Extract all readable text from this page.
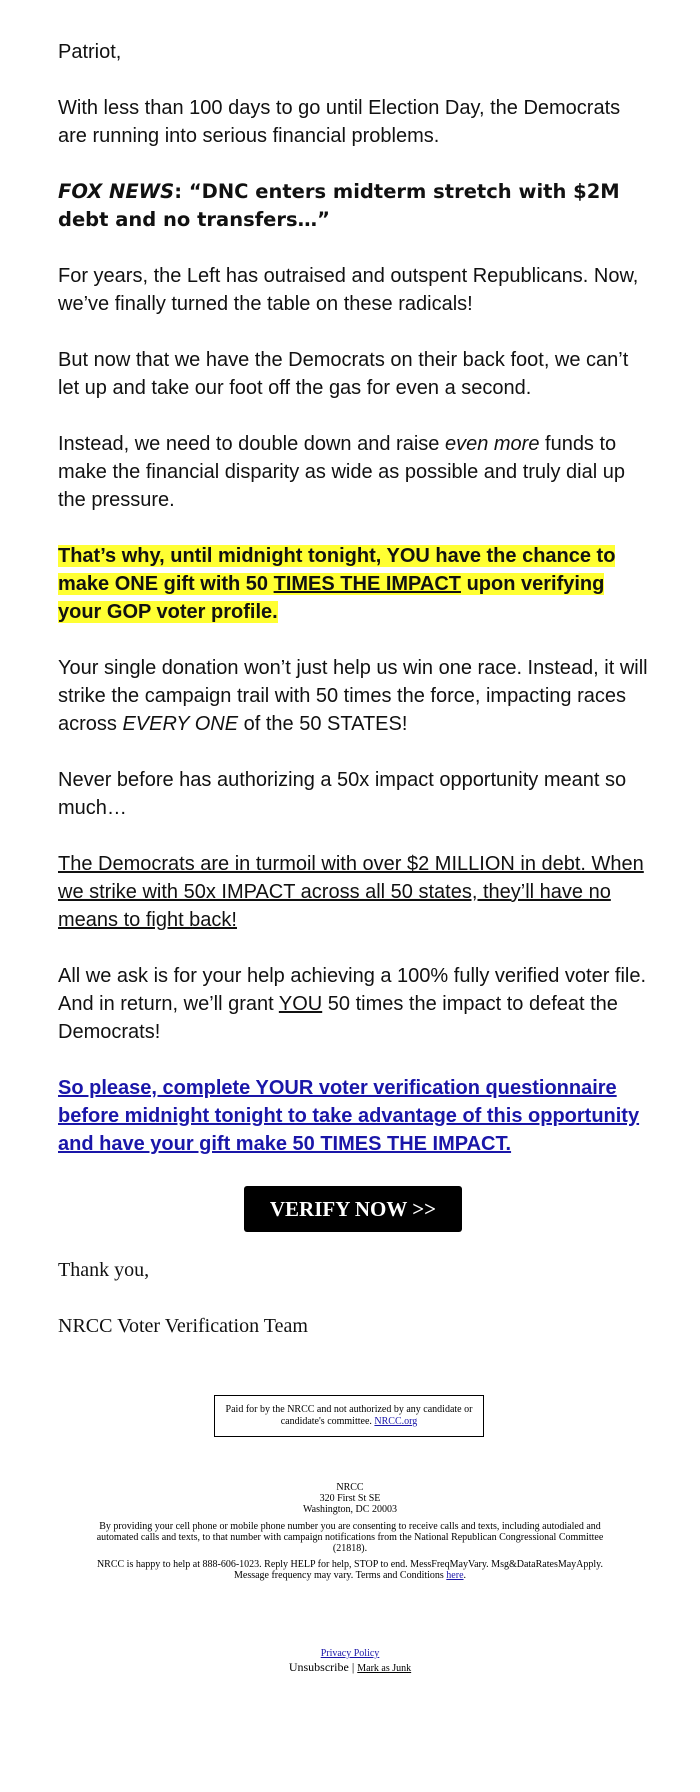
Patriot,

With less than 100 days to go until Election Day, the Democrats are running into serious financial problems.

FOX NEWS: “DNC enters midterm stretch with $2M debt and no transfers…”

For years, the Left has outraised and outspent Republicans. Now, we’ve finally turned the table on these radicals!

But now that we have the Democrats on their back foot, we can’t let up and take our foot off the gas for even a second.

Instead, we need to double down and raise even more funds to make the financial disparity as wide as possible and truly dial up the pressure.

That’s why, until midnight tonight, YOU have the chance to make ONE gift with 50 TIMES THE IMPACT upon verifying your GOP voter profile.

Your single donation won’t just help us win one race. Instead, it will strike the campaign trail with 50 times the force, impacting races across EVERY ONE of the 50 STATES!

Never before has authorizing a 50x impact opportunity meant so much…

The Democrats are in turmoil with over $2 MILLION in debt. When we strike with 50x IMPACT across all 50 states, they’ll have no means to fight back!

All we ask is for your help achieving a 100% fully verified voter file. And in return, we’ll grant YOU 50 times the impact to defeat the Democrats!

So please, complete YOUR voter verification questionnaire before midnight tonight to take advantage of this opportunity and have your gift make 50 TIMES THE IMPACT.
VERIFY NOW >>

Thank you,

NRCC Voter Verification Team

Paid for by the NRCC and not authorized by any candidate or candidate's committee. NRCC.org
NRCC
320 First St SE
Washington, DC 20003
By providing your cell phone or mobile phone number you are consenting to receive calls and texts, including autodialed and automated calls and texts, to that number with campaign notifications from the National Republican Congressional Committee (21818).
NRCC is happy to help at 888-606-1023. Reply HELP for help, STOP to end. MessFreqMayVary. Msg&DataRatesMayApply. Message frequency may vary. Terms and Conditions here.
Privacy Policy
Unsubscribe | Mark as Junk
